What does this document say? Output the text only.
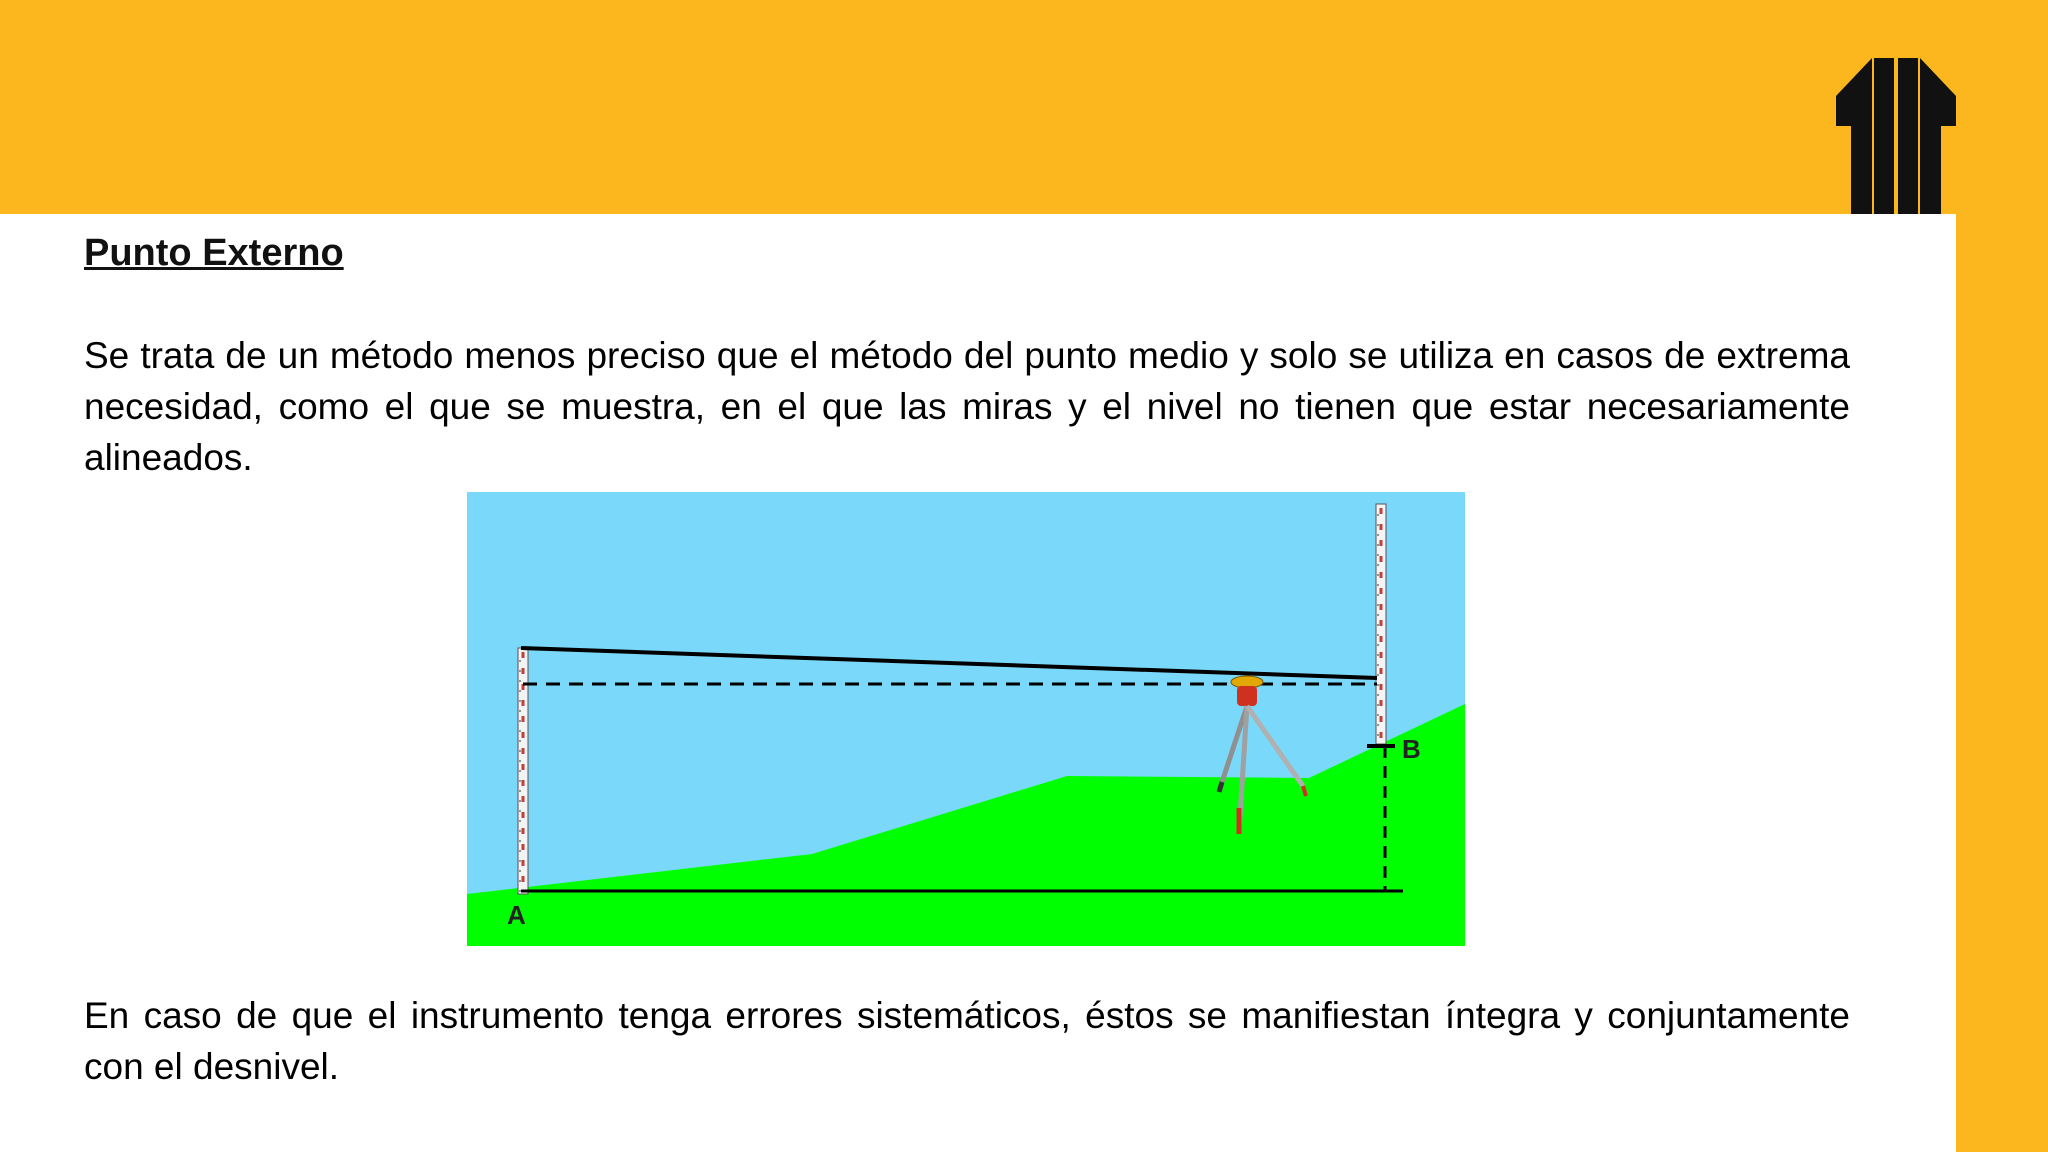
Punto Externo

Se trata de un método menos preciso que el método del punto medio y solo se utiliza en casos de extrema necesidad, como el que se muestra, en el que las miras y el nivel no tienen que estar necesariamente alineados.

A
B

En caso de que el instrumento tenga errores sistemáticos, éstos se manifiestan íntegra y conjuntamente con el desnivel.
